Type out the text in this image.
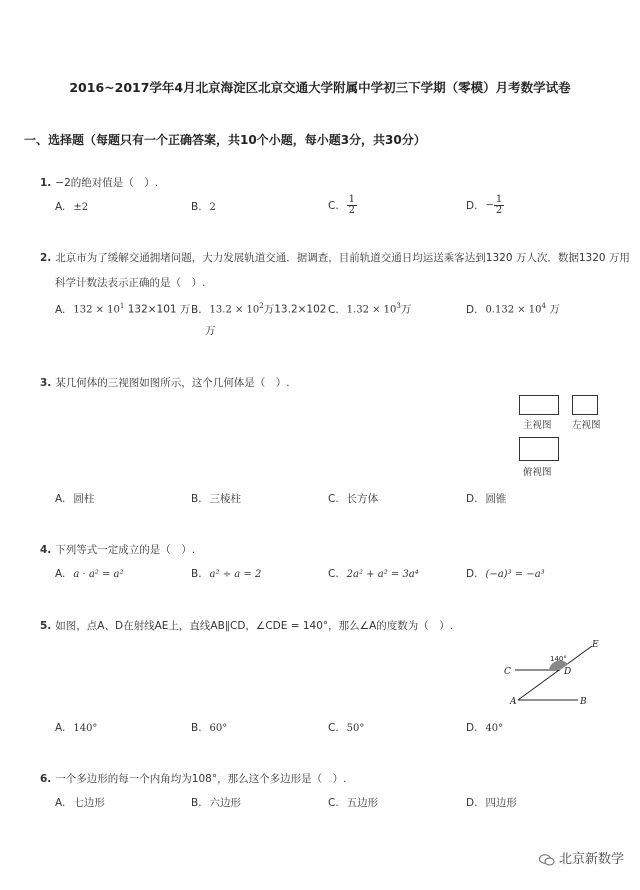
2016~2017学年4月北京海淀区北京交通大学附属中学初三下学期（零模）月考数学试卷
一、选择题（每题只有一个正确答案，共10个小题，每小题3分，共30分）
1. −2的绝对值是（　）.
A. ±2	B. 2	C. $\frac{1}{2}$	D. − $\frac{1}{2}$
2. 北京市为了缓解交通拥堵问题，大力发展轨道交通．据调查，目前轨道交通日均运送乘客达到1320 万人次．数据1320 万用
科学计数法表示正确的是（　）.
A. $132 \times 10^1$ 132×101 万 B. $13.2 \times 10^2$万13.2×102
万
C. $1.32 \times 10^3$万	D. $0.132 \times 10^4$ 万
3. 某几何体的三视图如图所示，这个几何体是（　）.
主视图 左视图
俯视图
A. 圆柱	B. 三棱柱	C. 长方体	D. 圆锥
4. 下列等式一定成立的是（　）.
A. a · a² = a²	B. a² ÷ a = 2	C. 2a² + a² = 3a⁴	D. (−a)³ = −a³
5. 如图，点A、D在射线AE上，直线AB∥CD，∠CDE = 140°，那么∠A的度数为（　）.
140°
E
C	D
A	B
A. 140°	B. 60°	C. 50°	D. 40°
6. 一个多边形的每一个内角均为108°，那么这个多边形是（　）.
A. 七边形	B. 六边形	C. 五边形	D. 四边形
北京新数学
